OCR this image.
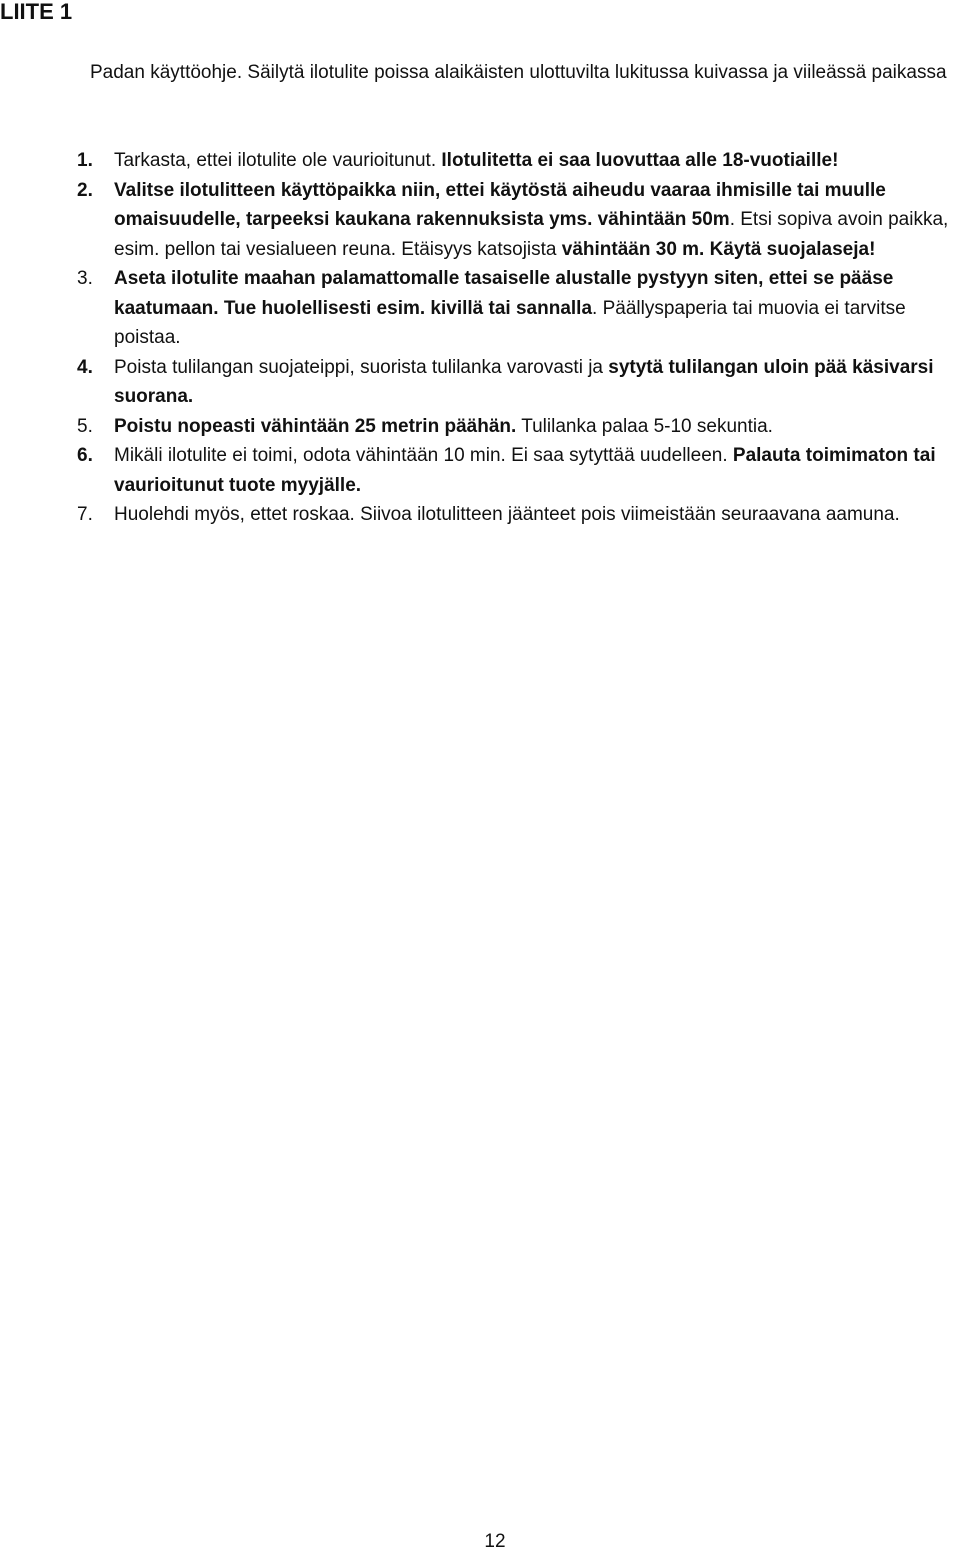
LIITE 1

Padan käyttöohje. Säilytä ilotulite poissa alaikäisten ulottuvilta lukitussa kuivassa ja viileässä paikassa

1. Tarkasta, ettei ilotulite ole vaurioitunut. Ilotulitetta ei saa luovuttaa alle 18-vuotiaille!
2. Valitse ilotulitteen käyttöpaikka niin, ettei käytöstä aiheudu vaaraa ihmisille tai muulle omaisuudelle, tarpeeksi kaukana rakennuksista yms. vähintään 50m. Etsi sopiva avoin paikka, esim. pellon tai vesialueen reuna. Etäisyys katsojista vähintään 30 m. Käytä suojalaseja!
3. Aseta ilotulite maahan palamattomalle tasaiselle alustalle pystyyn siten, ettei se pääse kaatumaan. Tue huolellisesti esim. kivillä tai sannalla. Päällyspaperia tai muovia ei tarvitse poistaa.
4. Poista tulilangan suojateippi, suorista tulilanka varovasti ja sytytä tulilangan uloin pää käsivarsi suorana.
5. Poistu nopeasti vähintään 25 metrin päähän. Tulilanka palaa 5-10 sekuntia.
6. Mikäli ilotulite ei toimi, odota vähintään 10 min. Ei saa sytyttää uudelleen. Palauta toimimaton tai vaurioitunut tuote myyjälle.
7. Huolehdi myös, ettet roskaa. Siivoa ilotulitteen jäänteet pois viimeistään seuraavana aamuna.
12
